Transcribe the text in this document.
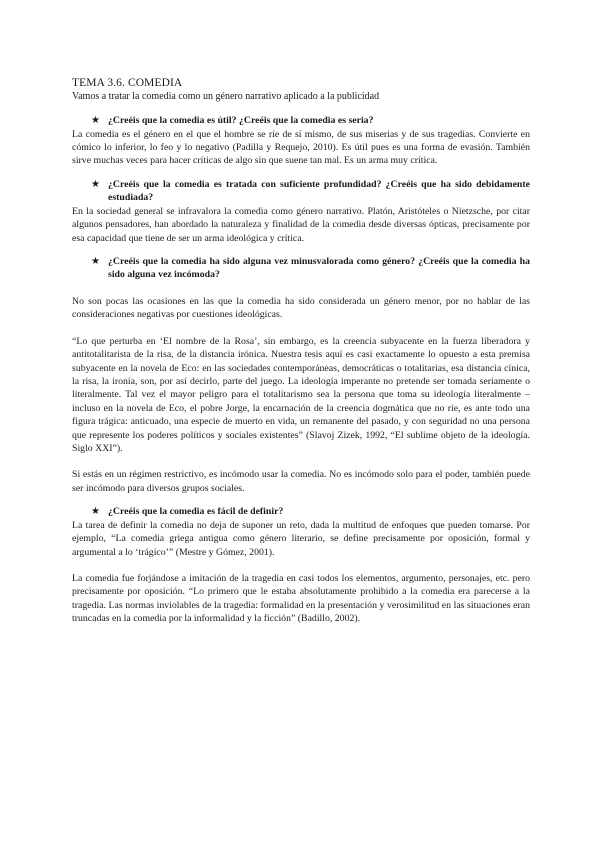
TEMA 3.6. COMEDIA

Vamos a tratar la comedia como un género narrativo aplicado a la publicidad

★ ¿Creéis que la comedia es útil? ¿Creéis que la comedia es seria?

La comedia es el género en el que el hombre se ríe de sí mismo, de sus miserias y de sus tragedias. Convierte en cómico lo inferior, lo feo y lo negativo (Padilla y Requejo, 2010). Es útil pues es una forma de evasión. También sirve muchas veces para hacer críticas de algo sin que suene tan mal. Es un arma muy crítica.

★ ¿Creéis que la comedia es tratada con suficiente profundidad? ¿Creéis que ha sido debidamente estudiada?

En la sociedad general se infravalora la comedia como género narrativo. Platón, Aristóteles o Nietzsche, por citar algunos pensadores, han abordado la naturaleza y finalidad de la comedia desde diversas ópticas, precisamente por esa capacidad que tiene de ser un arma ideológica y crítica.

★ ¿Creéis que la comedia ha sido alguna vez minusvalorada como género? ¿Creéis que la comedia ha sido alguna vez incómoda?

No son pocas las ocasiones en las que la comedia ha sido considerada un género menor, por no hablar de las consideraciones negativas por cuestiones ideológicas.

“Lo que perturba en ‘El nombre de la Rosa’, sin embargo, es la creencia subyacente en la fuerza liberadora y antitotalitarista de la risa, de la distancia irónica. Nuestra tesis aquí es casi exactamente lo opuesto a esta premisa subyacente en la novela de Eco: en las sociedades contemporáneas, democráticas o totalitarias, esa distancia cínica, la risa, la ironía, son, por así decirlo, parte del juego. La ideología imperante no pretende ser tomada seriamente o literalmente. Tal vez el mayor peligro para el totalitarismo sea la persona que toma su ideología literalmente – incluso en la novela de Eco, el pobre Jorge, la encarnación de la creencia dogmática que no ríe, es ante todo una figura trágica: anticuado, una especie de muerto en vida, un remanente del pasado, y con seguridad no una persona que represente los poderes políticos y sociales existentes” (Slavoj Zizek, 1992, “El sublime objeto de la ideología. Siglo XXI”).

Si estás en un régimen restrictivo, es incómodo usar la comedia. No es incómodo solo para el poder, también puede ser incómodo para diversos grupos sociales.

★ ¿Creéis que la comedia es fácil de definir?

La tarea de definir la comedia no deja de suponer un reto, dada la multitud de enfoques que pueden tomarse. Por ejemplo, “La comedia griega antigua como género literario, se define precisamente por oposición, formal y argumental a lo ‘trágico’” (Mestre y Gómez, 2001).

La comedia fue forjándose a imitación de la tragedia en casi todos los elementos, argumento, personajes, etc. pero precisamente por oposición. “Lo primero que le estaba absolutamente prohibido a la comedia era parecerse a la tragedia. Las normas inviolables de la tragedia: formalidad en la presentación y verosimilitud en las situaciones eran truncadas en la comedia por la informalidad y la ficción” (Badillo, 2002).
